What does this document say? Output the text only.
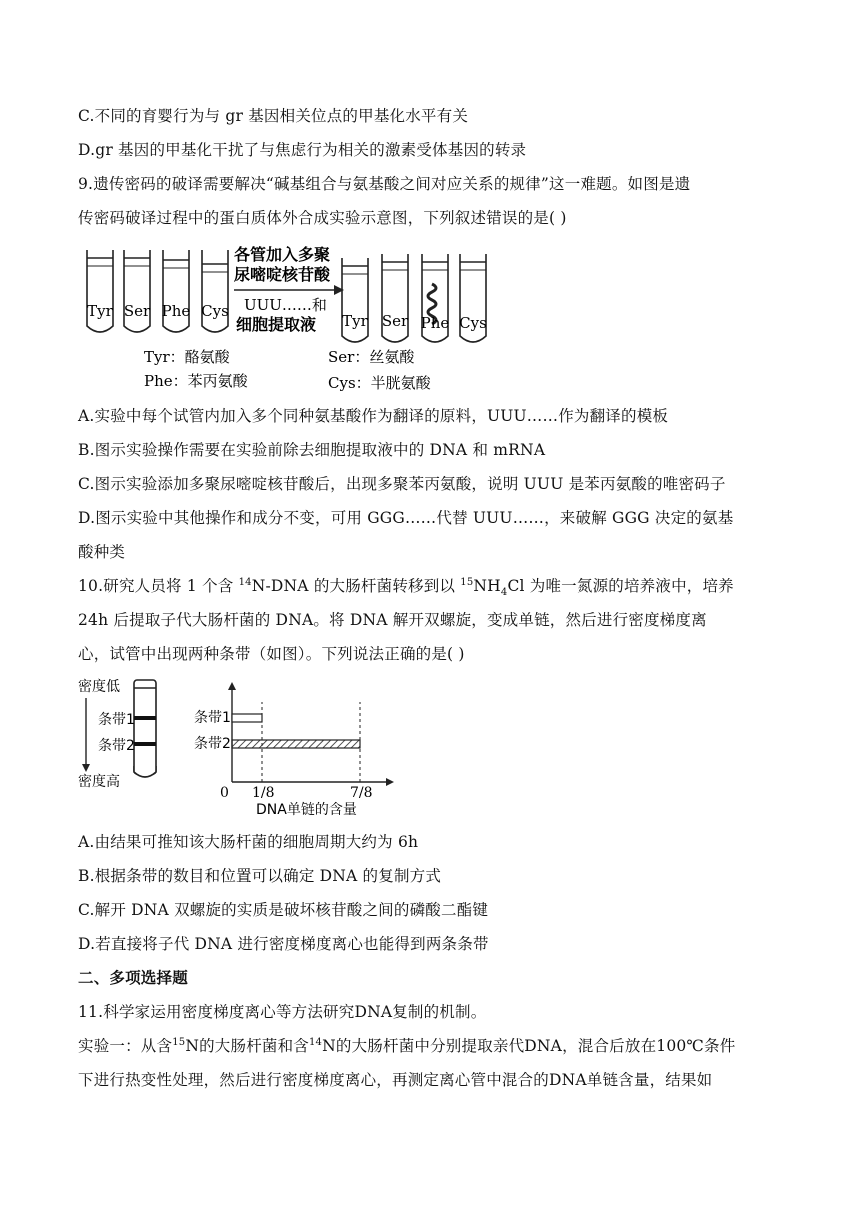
C.不同的育婴行为与 gr 基因相关位点的甲基化水平有关
D.gr 基因的甲基化干扰了与焦虑行为相关的激素受体基因的转录
9.遗传密码的破译需要解决“碱基组合与氨基酸之间对应关系的规律”这一难题。如图是遗
传密码破译过程中的蛋白质体外合成实验示意图，下列叙述错误的是( )
Tyr Ser Phe Cys
各管加入多聚
尿嘧啶核苷酸
UUU……和
细胞提取液 Tyr Ser Phe Cys
Tyr：酪氨酸
Phe：苯丙氨酸
Ser：丝氨酸
Cys：半胱氨酸
A.实验中每个试管内加入多个同种氨基酸作为翻译的原料，UUU……作为翻译的模板
B.图示实验操作需要在实验前除去细胞提取液中的 DNA 和 mRNA
C.图示实验添加多聚尿嘧啶核苷酸后，出现多聚苯丙氨酸，说明 UUU 是苯丙氨酸的唯密码子
D.图示实验中其他操作和成分不变，可用 GGG……代替 UUU……，来破解 GGG 决定的氨基
酸种类
10.研究人员将 1 个含 $^{14}$N-DNA 的大肠杆菌转移到以 $^{15}NH_4Cl$ 为唯一氮源的培养液中，培养
24h 后提取子代大肠杆菌的 DNA。将 DNA 解开双螺旋，变成单链，然后进行密度梯度离
心，试管中出现两种条带（如图）。下列说法正确的是( )
密度低
条带1
条带2
密度高
条带1
条带2
0 1/8	7/8
DNA单链的含量
A.由结果可推知该大肠杆菌的细胞周期大约为 6h
B.根据条带的数目和位置可以确定 DNA 的复制方式
C.解开 DNA 双螺旋的实质是破坏核苷酸之间的磷酸二酯键
D.若直接将子代 DNA 进行密度梯度离心也能得到两条条带
二、多项选择题
11.科学家运用密度梯度离心等方法研究DNA复制的机制。
实验一：从含$^{15}$N的大肠杆菌和含$^{14}$N的大肠杆菌中分别提取亲代DNA，混合后放在100℃条件
下进行热变性处理，然后进行密度梯度离心，再测定离心管中混合的DNA单链含量，结果如
